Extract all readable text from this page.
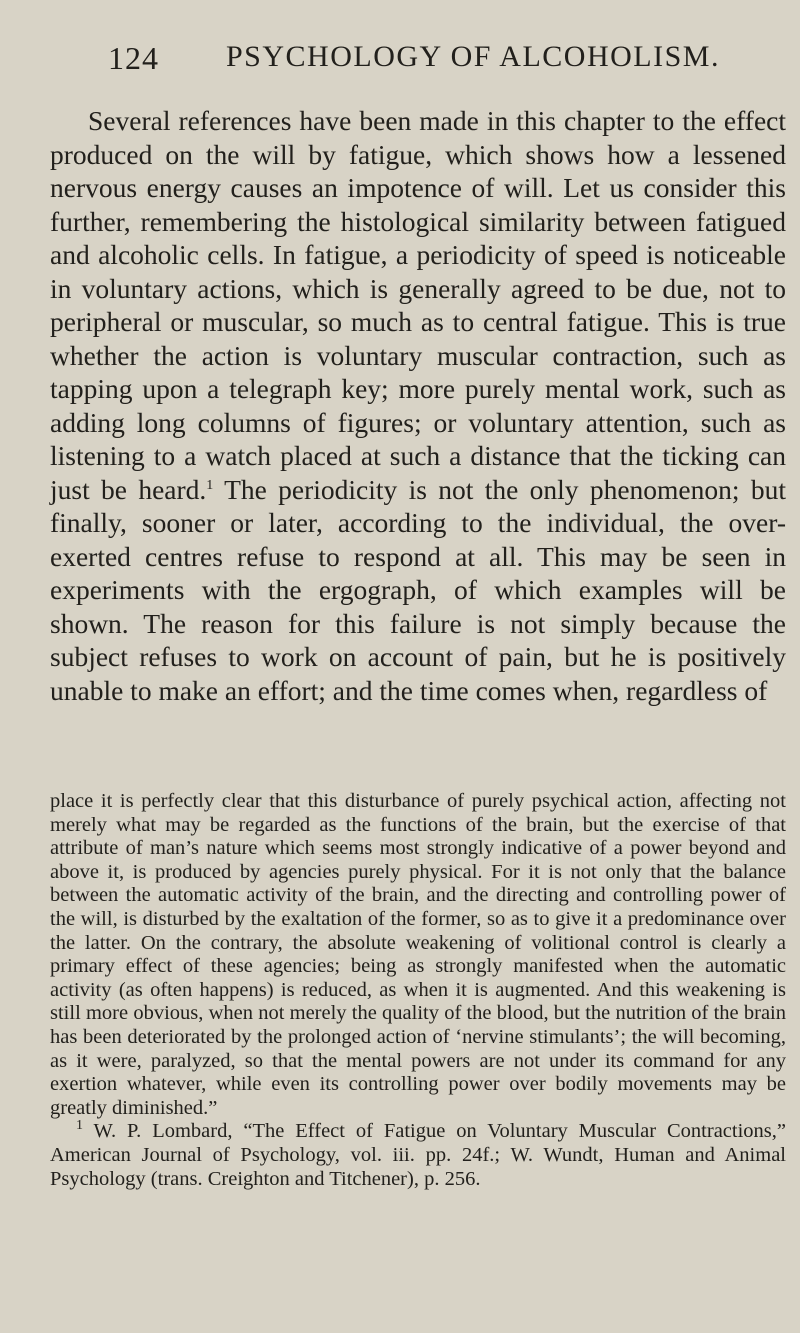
124 PSYCHOLOGY OF ALCOHOLISM.

Several references have been made in this chapter to the effect produced on the will by fatigue, which shows how a lessened nervous energy causes an impotence of will. Let us consider this further, remembering the histological similarity between fatigued and alcoholic cells. In fatigue, a periodicity of speed is noticeable in voluntary actions, which is generally agreed to be due, not to peripheral or muscular, so much as to central fatigue. This is true whether the action is voluntary muscular contraction, such as tapping upon a telegraph key; more purely mental work, such as adding long columns of figures; or voluntary attention, such as listening to a watch placed at such a distance that the ticking can just be heard.$^1$ The periodicity is not the only phenomenon; but finally, sooner or later, according to the individual, the over-exerted centres refuse to respond at all. This may be seen in experiments with the ergograph, of which examples will be shown. The reason for this failure is not simply because the subject refuses to work on account of pain, but he is positively unable to make an effort; and the time comes when, regardless of

place it is perfectly clear that this disturbance of purely psychical action, affecting not merely what may be regarded as the functions of the brain, but the exercise of that attribute of man’s nature which seems most strongly indicative of a power beyond and above it, is produced by agencies purely physical. For it is not only that the balance between the automatic activity of the brain, and the directing and controlling power of the will, is disturbed by the exaltation of the former, so as to give it a predominance over the latter. On the contrary, the absolute weakening of volitional control is clearly a primary effect of these agencies; being as strongly manifested when the automatic activity (as often happens) is reduced, as when it is augmented. And this weakening is still more obvious, when not merely the quality of the blood, but the nutrition of the brain has been deteriorated by the prolonged action of ‘nervine stimulants’; the will becoming, as it were, paralyzed, so that the mental powers are not under its command for any exertion whatever, while even its controlling power over bodily movements may be greatly diminished.”

$^1$ W. P. Lombard, “The Effect of Fatigue on Voluntary Muscular Contractions,” American Journal of Psychology, vol. iii. pp. 24f.; W. Wundt, Human and Animal Psychology (trans. Creighton and Titchener), p. 256.
